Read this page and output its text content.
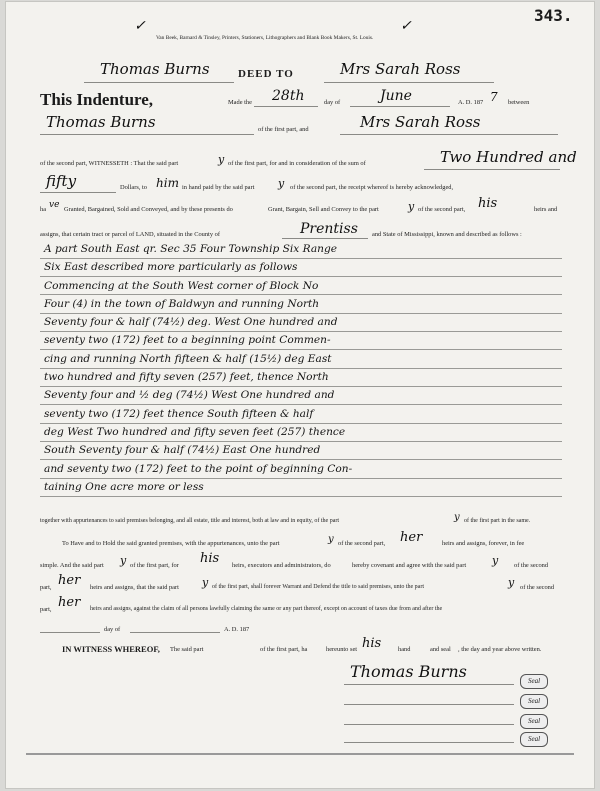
343.
✓	✓
Van Beek, Barnard & Tinsley, Printers, Stationers, Lithographers and Blank Book Makers, St. Louis.
Thomas Burns	DEED TO	Mrs Sarah Ross
This Indenture,	Made the 28th	day of	June	A. D. 187 7 between
Thomas Burns	of the first part, and	Mrs Sarah Ross
of the second part, WITNESSETH : That the said part	y of the first part, for and in consideration of the sum of	Two Hundred and
fifty	Dollars, to him in hand paid by the said part y of the second part, the receipt whereof is hereby acknowledged,
ha ve Granted, Bargained, Sold and Conveyed, and by these presents do	Grant, Bargain, Sell and Convey to the part	y of the second part, his	heirs and
assigns, that certain tract or parcel of LAND, situated in the County of	Prentiss and State of Mississippi, known and described as follows :
A part South East qr. Sec 35 Four Township Six Range
Six East described more particularly as follows
Commencing at the South West corner of Block No
Four (4) in the town of Baldwyn and running North
Seventy four & half (74½) deg. West One hundred and
seventy two (172) feet to a beginning point Commen-
cing and running North fifteen & half (15½) deg East
two hundred and fifty seven (257) feet, thence North
Seventy four and ½ deg (74½) West One hundred and
seventy two (172) feet thence South fifteen & half
deg West Two hundred and fifty seven feet (257) thence
South Seventy four & half (74½) East One hundred
and seventy two (172) feet to the point of beginning Con-
taining One acre more or less
together with appurtenances to said premises belonging, and all estate, title and interest, both at law and in equity, of the part	y of the first part in the same.
To Have and to Hold the said granted premises, with the appurtenances, unto the part	y of the second part, her	heirs and assigns, forever, in fee
simple. And the said part y of the first part, for his heirs, executors and administrators, do	hereby covenant and agree with the said part y of the second
part, her heirs and assigns, that the said part y of the first part, shall forever Warrant and Defend the title to said premises, unto the part	y of the second
part, her heirs and assigns, against the claim of all persons lawfully claiming the same or any part thereof, except on account of taxes due from and after the
day of	A. D. 187
IN WITNESS WHEREOF, The said part	of the first part, ha	hereunto set his	hand	and seal , the day and year above written.
Thomas Burns	Seal
Seal
Seal
Seal
